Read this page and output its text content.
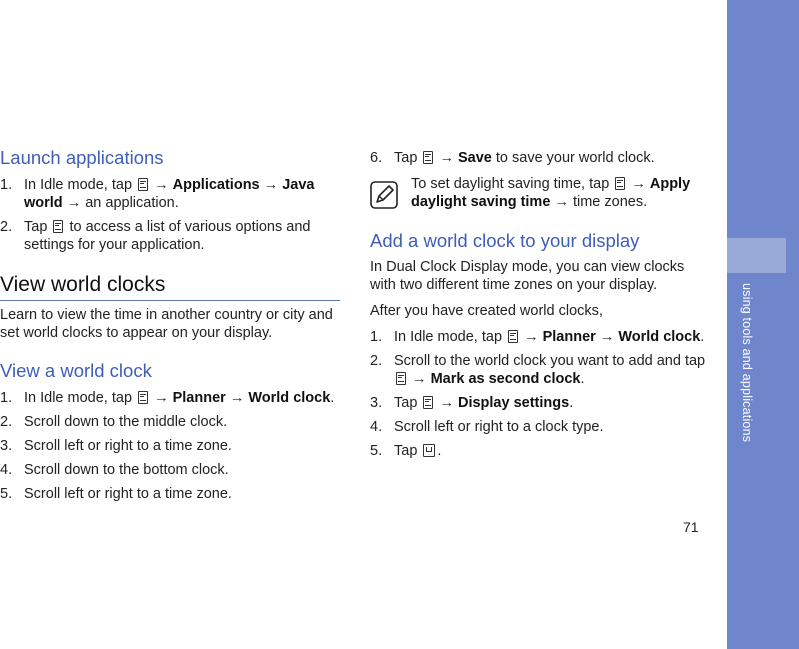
using tools and applications
71
Launch applications
1. In Idle mode, tap → Applications → Java world → an application.
2. Tap to access a list of various options and settings for your application.
View world clocks

Learn to view the time in another country or city and set world clocks to appear on your display.

View a world clock
1. In Idle mode, tap → Planner → World clock.
2. Scroll down to the middle clock.
3. Scroll left or right to a time zone.
4. Scroll down to the bottom clock.
5. Scroll left or right to a time zone.
6. Tap → Save to save your world clock.

To set daylight saving time, tap → Apply daylight saving time → time zones.

Add a world clock to your display

In Dual Clock Display mode, you can view clocks with two different time zones on your display.

After you have created world clocks,

1. In Idle mode, tap → Planner → World clock.
2. Scroll to the world clock you want to add and tap  → Mark as second clock.
3. Tap → Display settings.
4. Scroll left or right to a clock type.
5. Tap .
